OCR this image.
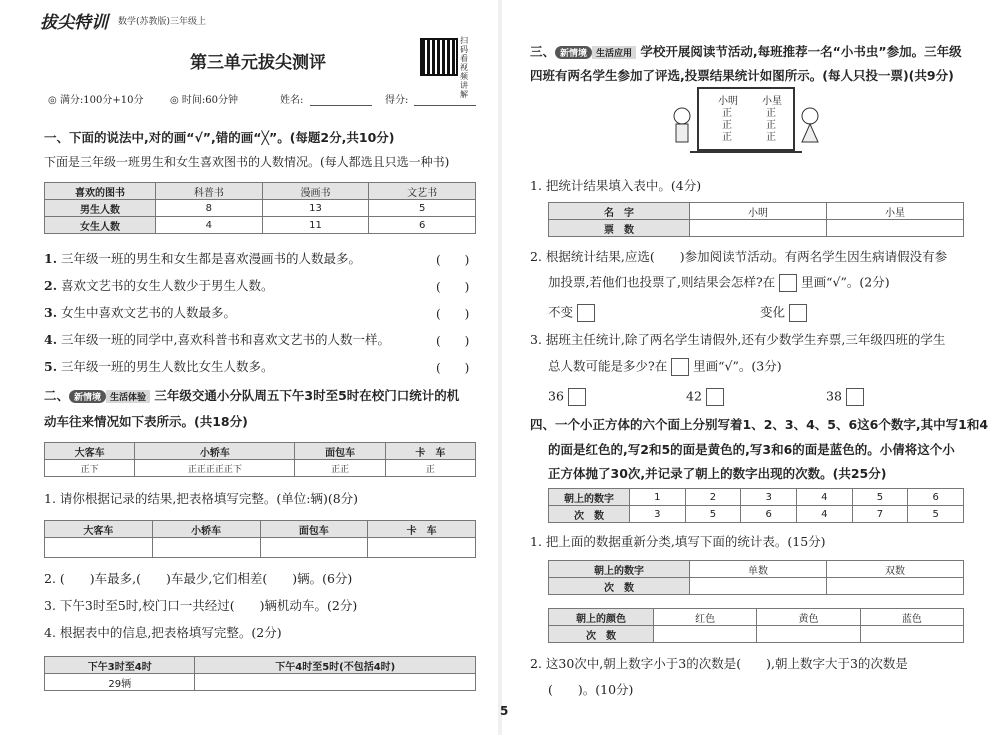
拔尖特训 数学(苏教版)三年级上
第三单元拔尖测评
扫码看视频讲解
◎ 满分:100分+10分	◎ 时间:60分钟	姓名:	得分:
一、下面的说法中,对的画“√”,错的画“╳”。(每题2分,共10分)
下面是三年级一班男生和女生喜欢图书的人数情况。(每人都选且只选一种书)
喜欢的图书	科普书	漫画书	文艺书
男生人数	8	13	5
女生人数	4	11	6
1. 三年级一班的男生和女生都是喜欢漫画书的人数最多。	(　　)
2. 喜欢文艺书的女生人数少于男生人数。	(　　)
3. 女生中喜欢文艺书的人数最多。	(　　)
4. 三年级一班的同学中,喜欢科普书和喜欢文艺书的人数一样。	(　　)
5. 三年级一班的男生人数比女生人数多。	(　　)
二、 新情境 生活体验 三年级交通小分队周五下午3时至5时在校门口统计的机
动车往来情况如下表所示。(共18分)
大客车	小轿车	面包车	卡　车
正下	正正正正正下	正正	正
1. 请你根据记录的结果,把表格填写完整。(单位:辆)(8分)
大客车	小轿车	面包车	卡　车

2. (　　)车最多,(　　)车最少,它们相差(　　)辆。(6分)
3. 下午3时至5时,校门口一共经过(　　)辆机动车。(2分)
4. 根据表中的信息,把表格填写完整。(2分)
下午3时至4时	下午4时至5时(不包括4时)
29辆	
三、 新情境 生活应用 学校开展阅读节活动,每班推荐一名“小书虫”参加。三年级
四班有两名学生参加了评选,投票结果统计如图所示。(每人只投一票)(共9分)
小明 小星
正
正
正
正
正
正
1. 把统计结果填入表中。(4分)
名　字	小明	小星
票　数		
2. 根据统计结果,应选(　　)参加阅读节活动。有两名学生因生病请假没有参
加投票,若他们也投票了,则结果会怎样?在 里画“√”。(2分)
不变	变化
3. 据班主任统计,除了两名学生请假外,还有少数学生弃票,三年级四班的学生
总人数可能是多少?在 里画“√”。(3分)
36	42	38
四、一个小正方体的六个面上分别写着1、2、3、4、5、6这6个数字,其中写1和4
的面是红色的,写2和5的面是黄色的,写3和6的面是蓝色的。小倩将这个小
正方体抛了30次,并记录了朝上的数字出现的次数。(共25分)
朝上的数字	1	2	3	4	5	6
次　数	3	5	6	4	7	5
1. 把上面的数据重新分类,填写下面的统计表。(15分)
朝上的数字	单数	双数
次　数		
朝上的颜色	红色	黄色	蓝色
次　数			
2. 这30次中,朝上数字小于3的次数是(　　),朝上数字大于3的次数是
(　　)。(10分)
5
